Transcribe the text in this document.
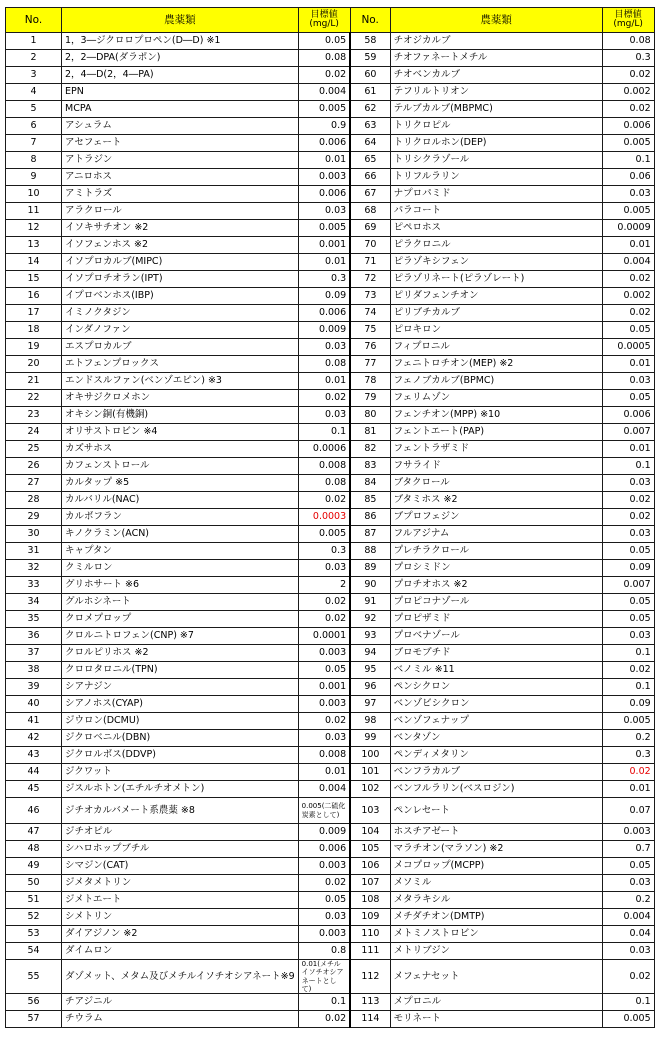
No.	農薬類	目標値
(mg/L)	No.	農薬類	目標値
(mg/L)
1	1，3―ジクロロプロペン(D―D) ※1	0.05	58	チオジカルブ	0.08
2	2，2―DPA(ダラポン)	0.08	59	チオファネートメチル	0.3
3	2，4―D(2，4―PA)	0.02	60	チオベンカルブ	0.02
4	EPN	0.004	61	テフリルトリオン	0.002
5	MCPA	0.005	62	テルブカルブ(MBPMC)	0.02
6	アシュラム	0.9	63	トリクロピル	0.006
7	アセフェート	0.006	64	トリクロルホン(DEP)	0.005
8	アトラジン	0.01	65	トリシクラゾール	0.1
9	アニロホス	0.003	66	トリフルラリン	0.06
10	アミトラズ	0.006	67	ナプロパミド	0.03
11	アラクロール	0.03	68	パラコート	0.005
12	イソキサチオン ※2	0.005	69	ピペロホス	0.0009
13	イソフェンホス ※2	0.001	70	ピラクロニル	0.01
14	イソプロカルブ(MIPC)	0.01	71	ピラゾキシフェン	0.004
15	イソプロチオラン(IPT)	0.3	72	ピラゾリネート(ピラゾレート)	0.02
16	イプロベンホス(IBP)	0.09	73	ピリダフェンチオン	0.002
17	イミノクタジン	0.006	74	ピリブチカルブ	0.02
18	インダノファン	0.009	75	ピロキロン	0.05
19	エスプロカルブ	0.03	76	フィプロニル	0.0005
20	エトフェンプロックス	0.08	77	フェニトロチオン(MEP) ※2	0.01
21	エンドスルファン(ベンゾエピン) ※3	0.01	78	フェノブカルブ(BPMC)	0.03
22	オキサジクロメホン	0.02	79	フェリムゾン	0.05
23	オキシン銅(有機銅)	0.03	80	フェンチオン(MPP) ※10	0.006
24	オリサストロビン ※4	0.1	81	フェントエート(PAP)	0.007
25	カズサホス	0.0006	82	フェントラザミド	0.01
26	カフェンストロール	0.008	83	フサライド	0.1
27	カルタップ ※5	0.08	84	ブタクロール	0.03
28	カルバリル(NAC)	0.02	85	ブタミホス ※2	0.02
29	カルボフラン	0.0003	86	ブプロフェジン	0.02
30	キノクラミン(ACN)	0.005	87	フルアジナム	0.03
31	キャプタン	0.3	88	プレチラクロール	0.05
32	クミルロン	0.03	89	プロシミドン	0.09
33	グリホサート ※6	2	90	プロチオホス ※2	0.007
34	グルホシネート	0.02	91	プロピコナゾール	0.05
35	クロメプロップ	0.02	92	プロピザミド	0.05
36	クロルニトロフェン(CNP) ※7	0.0001	93	プロベナゾール	0.03
37	クロルピリホス ※2	0.003	94	ブロモブチド	0.1
38	クロロタロニル(TPN)	0.05	95	ベノミル ※11	0.02
39	シアナジン	0.001	96	ペンシクロン	0.1
40	シアノホス(CYAP)	0.003	97	ベンゾビシクロン	0.09
41	ジウロン(DCMU)	0.02	98	ベンゾフェナップ	0.005
42	ジクロベニル(DBN)	0.03	99	ベンタゾン	0.2
43	ジクロルボス(DDVP)	0.008	100	ペンディメタリン	0.3
44	ジクワット	0.01	101	ベンフラカルブ	0.02
45	ジスルホトン(エチルチオメトン)	0.004	102	ベンフルラリン(ベスロジン)	0.01
46	ジチオカルバメート系農薬 ※8	0.005(二硫化炭素として)	103	ペンレセート	0.07
47	ジチオピル	0.009	104	ホスチアゼート	0.003
48	シハロホップブチル	0.006	105	マラチオン(マラソン) ※2	0.7
49	シマジン(CAT)	0.003	106	メコプロップ(MCPP)	0.05
50	ジメタメトリン	0.02	107	メソミル	0.03
51	ジメトエート	0.05	108	メタラキシル	0.2
52	シメトリン	0.03	109	メチダチオン(DMTP)	0.004
53	ダイアジノン ※2	0.003	110	メトミノストロビン	0.04
54	ダイムロン	0.8	111	メトリブジン	0.03
55	ダゾメット、メタム及びメチルイソチオシアネート※9	0.01(メチルイソチオシアネートとして)	112	メフェナセット	0.02
56	チアジニル	0.1	113	メプロニル	0.1
57	チウラム	0.02	114	モリネート	0.005
